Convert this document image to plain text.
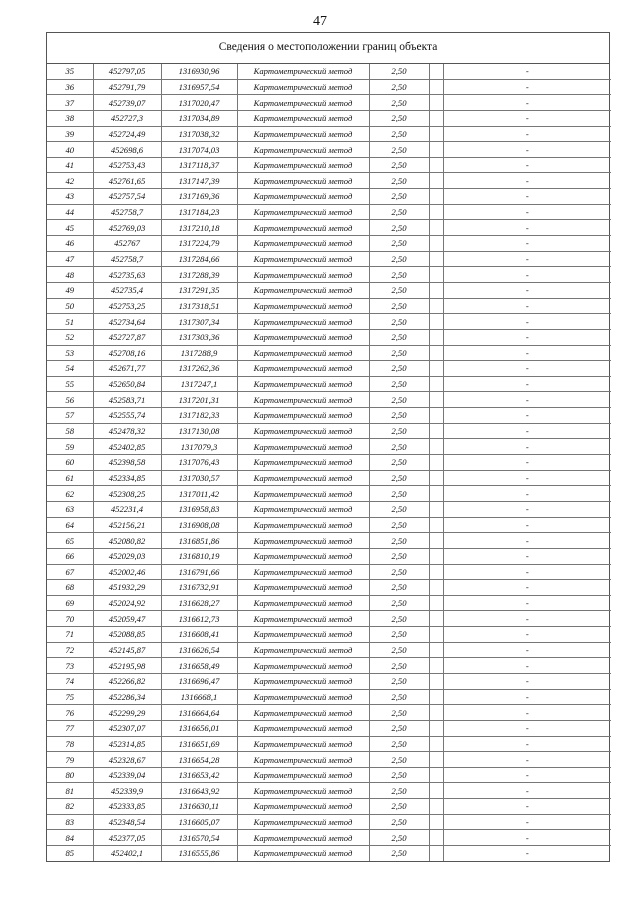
47
Сведения о местоположении границ объекта
35	452797,05	1316930,96	Картометрический метод	2,50		-
36	452791,79	1316957,54	Картометрический метод	2,50		-
37	452739,07	1317020,47	Картометрический метод	2,50		-
38	452727,3	1317034,89	Картометрический метод	2,50		-
39	452724,49	1317038,32	Картометрический метод	2,50		-
40	452698,6	1317074,03	Картометрический метод	2,50		-
41	452753,43	1317118,37	Картометрический метод	2,50		-
42	452761,65	1317147,39	Картометрический метод	2,50		-
43	452757,54	1317169,36	Картометрический метод	2,50		-
44	452758,7	1317184,23	Картометрический метод	2,50		-
45	452769,03	1317210,18	Картометрический метод	2,50		-
46	452767	1317224,79	Картометрический метод	2,50		-
47	452758,7	1317284,66	Картометрический метод	2,50		-
48	452735,63	1317288,39	Картометрический метод	2,50		-
49	452735,4	1317291,35	Картометрический метод	2,50		-
50	452753,25	1317318,51	Картометрический метод	2,50		-
51	452734,64	1317307,34	Картометрический метод	2,50		-
52	452727,87	1317303,36	Картометрический метод	2,50		-
53	452708,16	1317288,9	Картометрический метод	2,50		-
54	452671,77	1317262,36	Картометрический метод	2,50		-
55	452650,84	1317247,1	Картометрический метод	2,50		-
56	452583,71	1317201,31	Картометрический метод	2,50		-
57	452555,74	1317182,33	Картометрический метод	2,50		-
58	452478,32	1317130,08	Картометрический метод	2,50		-
59	452402,85	1317079,3	Картометрический метод	2,50		-
60	452398,58	1317076,43	Картометрический метод	2,50		-
61	452334,85	1317030,57	Картометрический метод	2,50		-
62	452308,25	1317011,42	Картометрический метод	2,50		-
63	452231,4	1316958,83	Картометрический метод	2,50		-
64	452156,21	1316908,08	Картометрический метод	2,50		-
65	452080,82	1316851,86	Картометрический метод	2,50		-
66	452029,03	1316810,19	Картометрический метод	2,50		-
67	452002,46	1316791,66	Картометрический метод	2,50		-
68	451932,29	1316732,91	Картометрический метод	2,50		-
69	452024,92	1316628,27	Картометрический метод	2,50		-
70	452059,47	1316612,73	Картометрический метод	2,50		-
71	452088,85	1316608,41	Картометрический метод	2,50		-
72	452145,87	1316626,54	Картометрический метод	2,50		-
73	452195,98	1316658,49	Картометрический метод	2,50		-
74	452266,82	1316696,47	Картометрический метод	2,50		-
75	452286,34	1316668,1	Картометрический метод	2,50		-
76	452299,29	1316664,64	Картометрический метод	2,50		-
77	452307,07	1316656,01	Картометрический метод	2,50		-
78	452314,85	1316651,69	Картометрический метод	2,50		-
79	452328,67	1316654,28	Картометрический метод	2,50		-
80	452339,04	1316653,42	Картометрический метод	2,50		-
81	452339,9	1316643,92	Картометрический метод	2,50		-
82	452333,85	1316630,11	Картометрический метод	2,50		-
83	452348,54	1316605,07	Картометрический метод	2,50		-
84	452377,05	1316570,54	Картометрический метод	2,50		-
85	452402,1	1316555,86	Картометрический метод	2,50		-
